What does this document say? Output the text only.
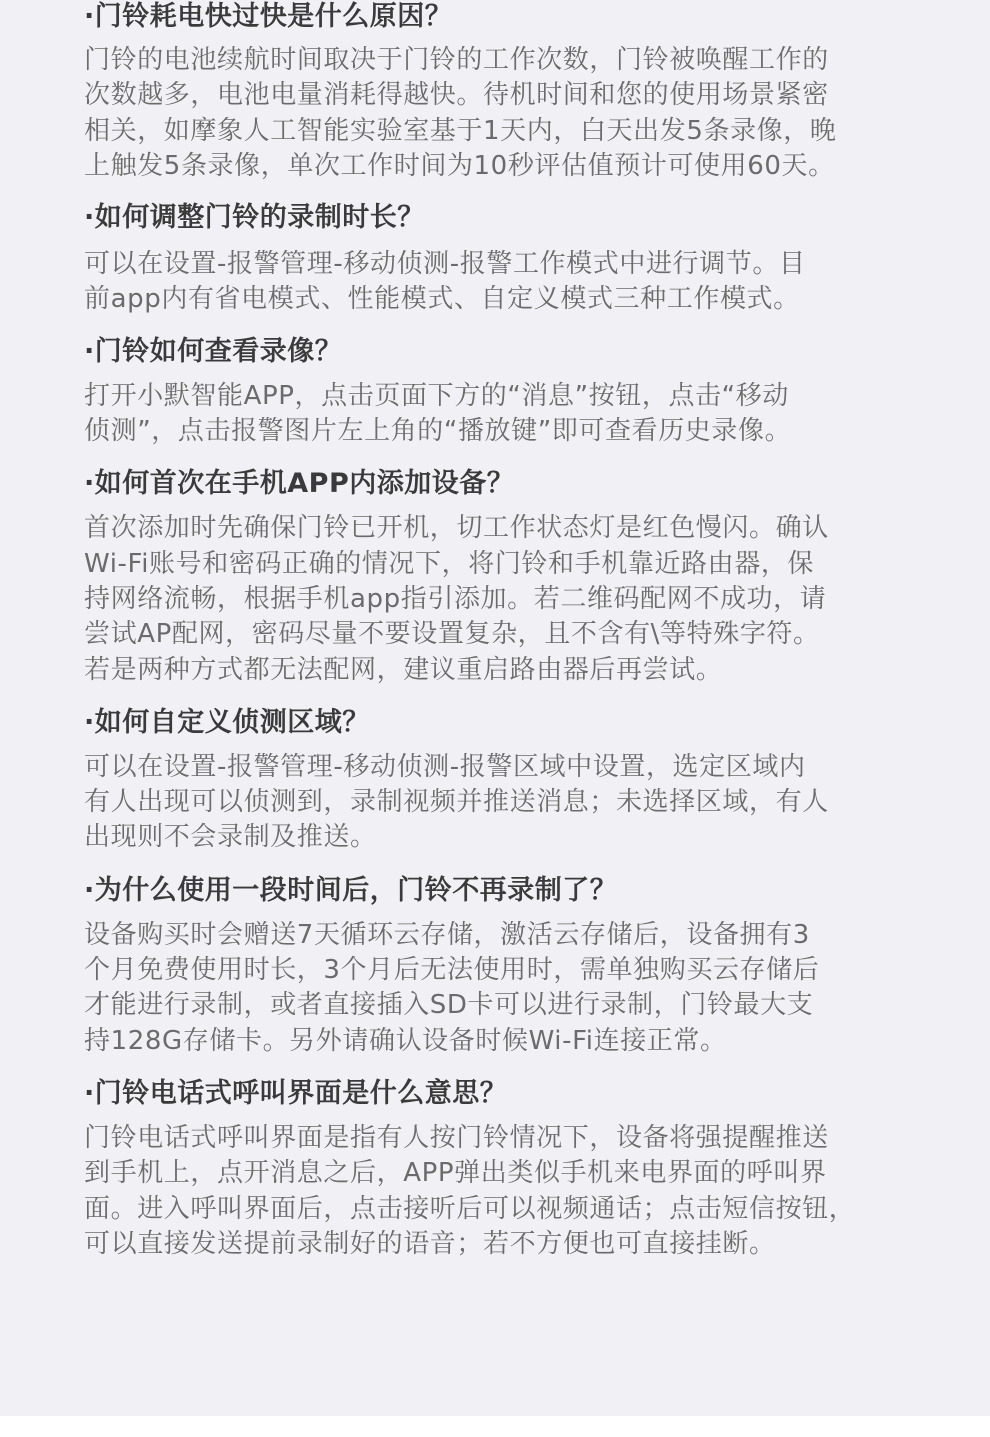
·门铃耗电快过快是什么原因？

门铃的电池续航时间取决于门铃的工作次数，门铃被唤醒工作的
次数越多，电池电量消耗得越快。待机时间和您的使用场景紧密
相关，如摩象人工智能实验室基于1天内，白天出发5条录像，晚
上触发5条录像，单次工作时间为10秒评估值预计可使用60天。

·如何调整门铃的录制时长？

可以在设置-报警管理-移动侦测-报警工作模式中进行调节。目
前app内有省电模式、性能模式、自定义模式三种工作模式。

·门铃如何查看录像？

打开小默智能APP，点击页面下方的“消息”按钮，点击“移动
侦测”，点击报警图片左上角的“播放键”即可查看历史录像。

·如何首次在手机APP内添加设备？

首次添加时先确保门铃已开机，切工作状态灯是红色慢闪。确认
Wi-Fi账号和密码正确的情况下，将门铃和手机靠近路由器，保
持网络流畅，根据手机app指引添加。若二维码配网不成功，请
尝试AP配网，密码尽量不要设置复杂，且不含有\等特殊字符。
若是两种方式都无法配网，建议重启路由器后再尝试。

·如何自定义侦测区域？

可以在设置-报警管理-移动侦测-报警区域中设置，选定区域内
有人出现可以侦测到，录制视频并推送消息；未选择区域，有人
出现则不会录制及推送。

·为什么使用一段时间后，门铃不再录制了？

设备购买时会赠送7天循环云存储，激活云存储后，设备拥有3
个月免费使用时长，3个月后无法使用时，需单独购买云存储后
才能进行录制，或者直接插入SD卡可以进行录制，门铃最大支
持128G存储卡。另外请确认设备时候Wi-Fi连接正常。

·门铃电话式呼叫界面是什么意思？

门铃电话式呼叫界面是指有人按门铃情况下，设备将强提醒推送
到手机上，点开消息之后，APP弹出类似手机来电界面的呼叫界
面。进入呼叫界面后，点击接听后可以视频通话；点击短信按钮，
可以直接发送提前录制好的语音；若不方便也可直接挂断。
